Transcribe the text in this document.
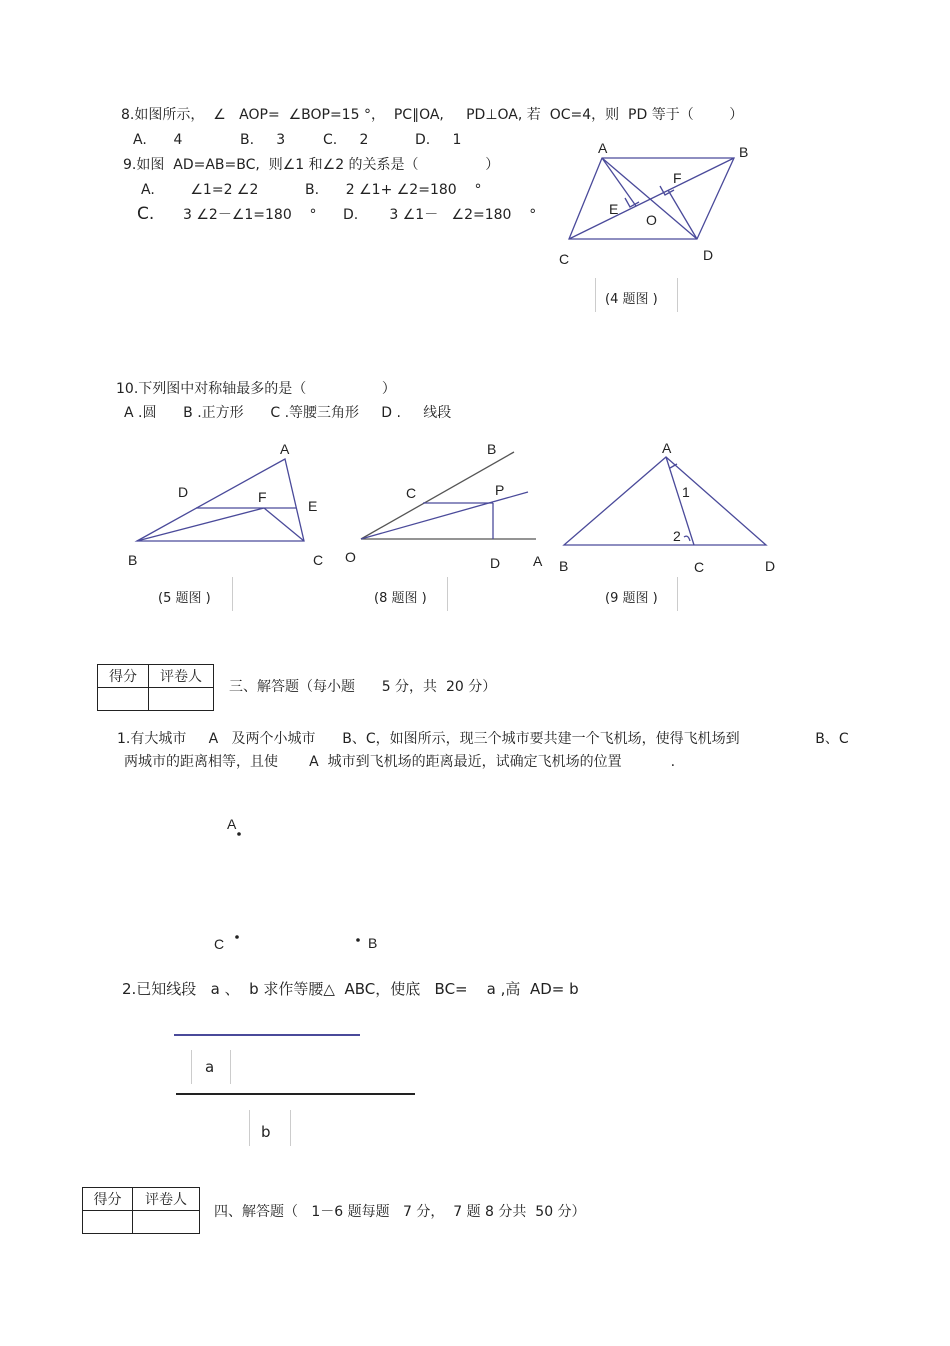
8.如图所示，  ∠   AOP=  ∠BOP=15 °，  PC∥OA,     PD⊥OA, 若  OC=4，则  PD 等于（        ）
A.      4	B.     3	C.     2	D.     1
9.如图  AD=AB=BC,  则∠1 和∠2 的关系是（               ）
A.        ∠1=2 ∠2	B.      2 ∠1+ ∠2=180    °
C. 3 ∠2－∠1=180    ° D.       3 ∠1－   ∠2=180    °
A	B
F
E
O
C	D
(4 题图 )
10.下列图中对称轴最多的是（                 ）
A .圆      B .正方形      C .等腰三角形     D .     线段
A
D	F
E
B	C
B
C	P
O	D A
A
1
2
B	C	D
(5 题图 )	(8 题图 )	(9 题图 )
得分	评卷人

三、解答题（每小题      5 分，共  20 分）
1.有大城市     A   及两个小城市      B、C，如图所示，现三个城市要共建一个飞机场，使得飞机场到                 B、C
两城市的距离相等，且使       A  城市到飞机场的距离最近，试确定飞机场的位置           .
A
C	B
2.已知线段   a 、  b 求作等腰△  ABC，使底   BC=    a ,高  AD= b
a
b
得分	评卷人

四、解答题（   1－6 题每题   7 分，  7 题 8 分共  50 分）
